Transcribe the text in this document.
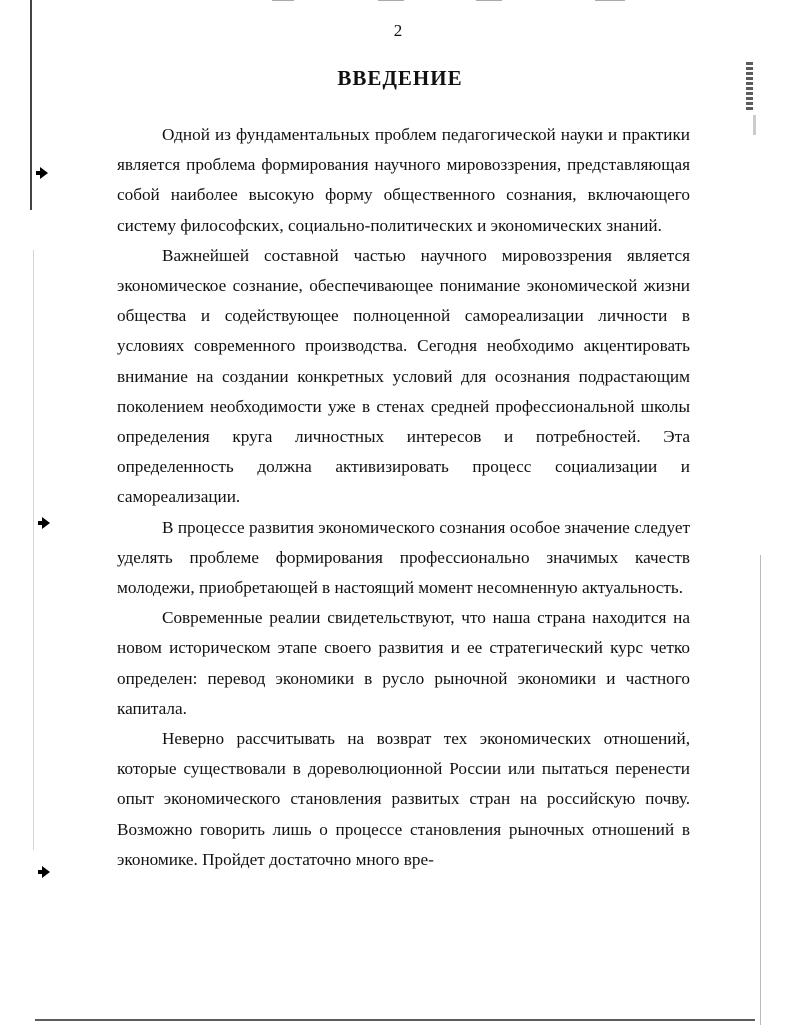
2
ВВЕДЕНИЕ

Одной из фундаментальных проблем педагогической науки и практики является проблема формирования научного мировоззрения, представляющая собой наиболее высокую форму общественного сознания, включающего систему философских, социально-политических и экономических знаний.

Важнейшей составной частью научного мировоззрения является экономическое сознание, обеспечивающее понимание экономической жизни общества и содействующее полноценной самореализации личности в условиях современного производства. Сегодня необходимо акцентировать внимание на создании конкретных условий для осознания подрастающим поколением необходимости уже в стенах средней профессиональной школы определения круга личностных интересов и потребностей. Эта определенность должна активизировать процесс социализации и самореализации.

В процессе развития экономического сознания особое значение следует уделять проблеме формирования профессионально значимых качеств молодежи, приобретающей в настоящий момент несомненную актуальность.

Современные реалии свидетельствуют, что наша страна находится на новом историческом этапе своего развития и ее стратегический курс четко определен: перевод экономики в русло рыночной экономики и частного капитала.

Неверно рассчитывать на возврат тех экономических отношений, которые существовали в дореволюционной России или пытаться перенести опыт экономического становления развитых стран на российскую почву. Возможно говорить лишь о процессе становления рыночных отношений в экономике. Пройдет достаточно много вре-
